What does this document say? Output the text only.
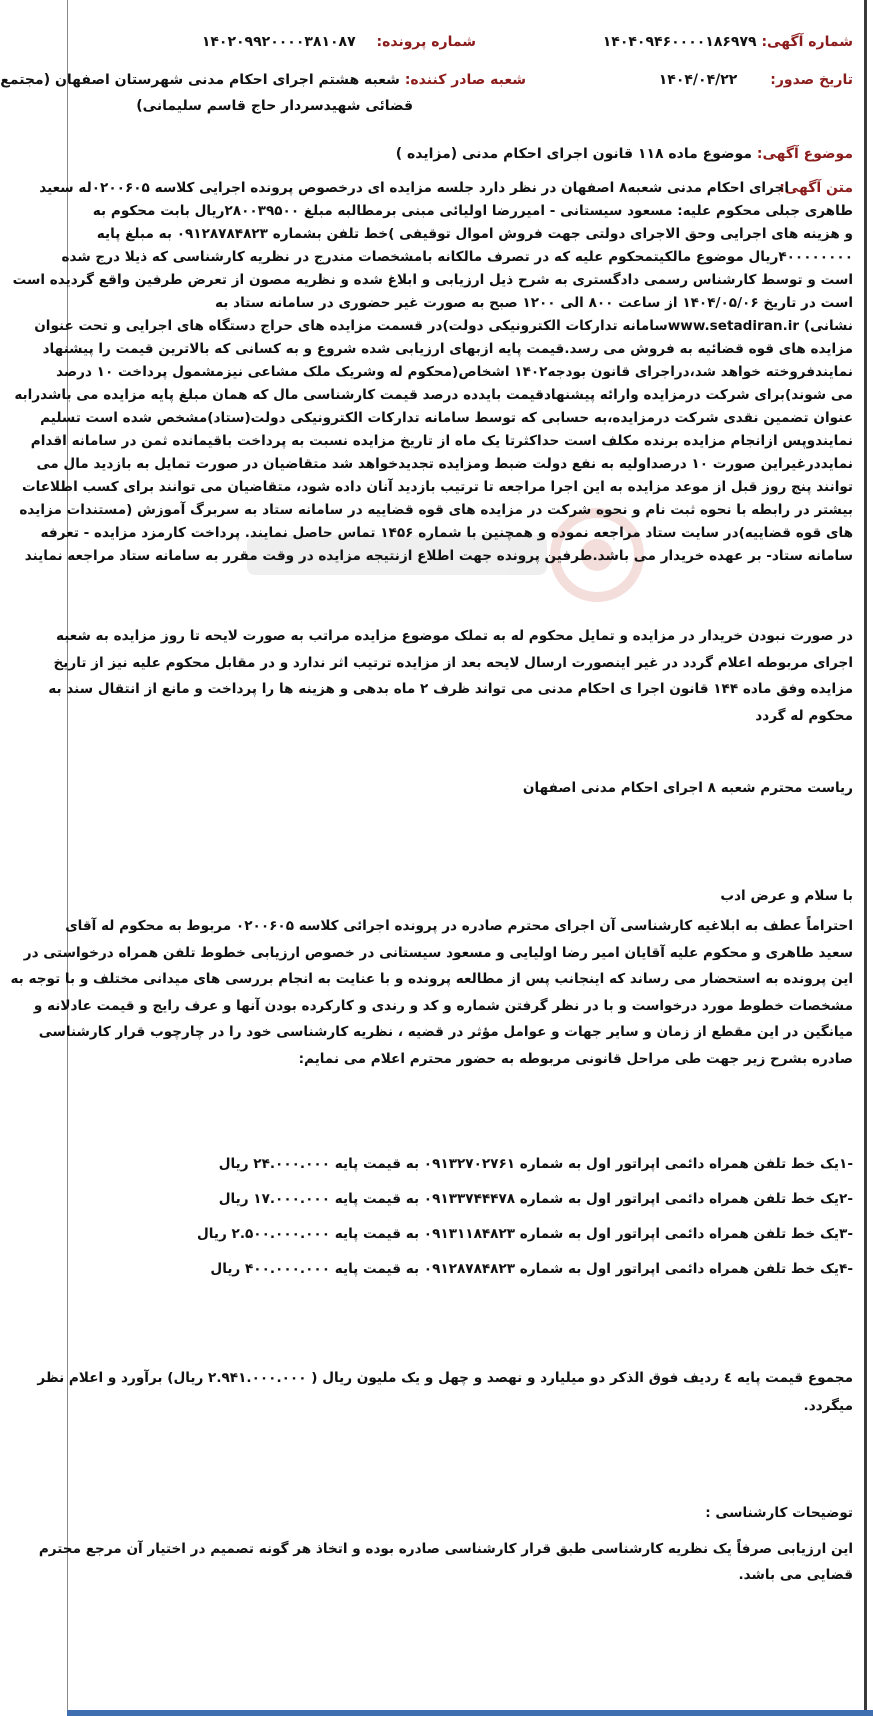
شماره آگهی: ۱۴۰۴۰۹۴۶۰۰۰۰۱۸۶۹۷۹
شماره پرونده: ۱۴۰۲۰۹۹۲۰۰۰۰۳۸۱۰۸۷
تاریخ صدور: ۱۴۰۴/۰۴/۲۲
شعبه صادر کننده: شعبه هشتم اجرای احکام مدنی شهرستان اصفهان (مجتمع
قضائی شهیدسردار حاج قاسم سلیمانی)
موضوع آگهی: موضوع ماده ۱۱۸ قانون اجرای احکام مدنی (مزایده )
متن آگهی:
اجرای احکام مدنی شعبه۸ اصفهان در نظر دارد جلسه مزایده ای درخصوص پرونده اجرایی کلاسه ۰۲۰۰۶۰۵له سعید
طاهری جبلی محکوم علیه: مسعود سیستانی - امیررضا اولیائی مبنی برمطالبه مبلغ ۲۸۰۰۳۹۵۰۰ریال بابت محکوم به
و هزینه های اجرایی وحق الاجرای دولتی جهت فروش اموال توقیفی )خط تلفن بشماره ۰۹۱۲۸۷۸۴۸۲۳ به مبلغ پایه
۴۰۰۰۰۰۰۰۰ریال موضوع مالکیتمحکوم علیه که در تصرف مالکانه بامشخصات مندرج در نظریه کارشناسی که ذیلا درج شده
است و توسط کارشناس رسمی دادگستری به شرح ذیل ارزیابی و ابلاغ شده و نظریه مصون از تعرض طرفین واقع گردیده است
است در تاریخ ۱۴۰۴/۰۵/۰۶ از ساعت ۸۰۰ الی ۱۲۰۰ صبح به صورت غیر حضوری در سامانه ستاد به
نشانی) www.setadiran.irسامانه تدارکات الکترونیکی دولت)در قسمت مزایده های حراج دستگاه های اجرایی و تحت عنوان
مزایده های قوه قضائیه به فروش می رسد.قیمت پایه ازبهای ارزیابی شده شروع و به کسانی که بالاترین قیمت را پیشنهاد
نمایندفروخته خواهد شد،دراجرای قانون بودجه۱۴۰۲ اشخاص(محکوم له وشریک ملک مشاعی نیزمشمول پرداخت ۱۰ درصد
می شوند)برای شرکت درمزایده وارائه پیشنهادقیمت بایدده درصد قیمت کارشناسی مال که همان مبلغ پایه مزایده می باشدرابه
عنوان تضمین نقدی شرکت درمزایده،به حسابی که توسط سامانه تدارکات الکترونیکی دولت(ستاد)مشخص شده است تسلیم
نمایندوپس ازانجام مزایده برنده مکلف است حداکثرتا یک ماه از تاریخ مزایده نسبت به پرداخت باقیمانده ثمن در سامانه اقدام
نمایددرغیراین صورت ۱۰ درصداولیه به نفع دولت ضبط ومزایده تجدیدخواهد شد متقاضیان در صورت تمایل به بازدید مال می
توانند پنج روز قبل از موعد مزایده به این اجرا مراجعه تا ترتیب بازدید آنان داده شود، متقاضیان می توانند برای کسب اطلاعات
بیشتر در رابطه با نحوه ثبت نام و نحوه شرکت در مزایده های قوه قضاییه در سامانه ستاد به سربرگ آموزش (مستندات مزایده
های قوه قضاییه)در سایت ستاد مراجعه نموده و همچنین با شماره ۱۴۵۶ تماس حاصل نمایند. پرداخت کارمزد مزایده - تعرفه
سامانه ستاد- بر عهده خریدار می باشد.طرفین پرونده جهت اطلاع ازنتیجه مزایده در وقت مقرر به سامانه ستاد مراجعه نمایند
در صورت نبودن خریدار در مزایده و تمایل محکوم له به تملک موضوع مزایده مراتب به صورت لایحه تا روز مزایده به شعبه
اجرای مربوطه اعلام گردد در غیر اینصورت ارسال لایحه بعد از مزایده ترتیب اثر ندارد و در مقابل محکوم علیه نیز از تاریخ
مزایده وفق ماده ۱۴۴ قانون اجرا ی احکام مدنی می تواند ظرف ۲ ماه بدهی و هزینه ها را پرداخت و مانع از انتقال سند به
محکوم له گردد
ریاست محترم شعبه ۸ اجرای احکام مدنی اصفهان
با سلام و عرض ادب
احتراماً عطف به ابلاغیه کارشناسی آن اجرای محترم صادره در پرونده اجرائی کلاسه ۰۲۰۰۶۰۵ مربوط به محکوم له آقای
سعید طاهری و محکوم علیه آقایان امیر رضا اولیایی و مسعود سیستانی در خصوص ارزیابی خطوط تلفن همراه درخواستی در
این پرونده به استحضار می رساند که اینجانب پس از مطالعه پرونده و با عنایت به انجام بررسی های میدانی مختلف و با توجه به
مشخصات خطوط مورد درخواست و با در نظر گرفتن شماره و کد و رندی و کارکرده بودن آنها و عرف رایج و قیمت عادلانه و
میانگین در این مقطع از زمان و سایر جهات و عوامل مؤثر در قضیه ، نظریه کارشناسی خود را در چارچوب قرار کارشناسی
صادره بشرح زیر جهت طی مراحل قانونی مربوطه به حضور محترم اعلام می نمایم:
-۱یک خط تلفن همراه دائمی اپراتور اول به شماره ۰۹۱۳۲۷۰۲۷۶۱ به قیمت پایه ۲۴.۰۰۰.۰۰۰ ریال
-۲یک خط تلفن همراه دائمی اپراتور اول به شماره ۰۹۱۳۳۷۴۴۴۷۸ به قیمت پایه ۱۷.۰۰۰.۰۰۰ ریال
-۳یک خط تلفن همراه دائمی اپراتور اول به شماره ۰۹۱۳۱۱۸۴۸۲۳ به قیمت پایه ۲.۵۰۰.۰۰۰.۰۰۰ ریال
-۴یک خط تلفن همراه دائمی اپراتور اول به شماره ۰۹۱۲۸۷۸۴۸۲۳ به قیمت پایه ۴۰۰.۰۰۰.۰۰۰ ریال
مجموع قیمت پایه ٤ ردیف فوق الذکر دو میلیارد و نهصد و چهل و یک ملیون ریال ( ۲.۹۴۱.۰۰۰.۰۰۰ ریال) برآورد و اعلام نظر
میگردد.
توضیحات کارشناسی :
این ارزیابی صرفاً یک نظریه کارشناسی طبق قرار کارشناسی صادره بوده و اتخاذ هر گونه تصمیم در اختیار آن مرجع محترم
قضایی می باشد.
